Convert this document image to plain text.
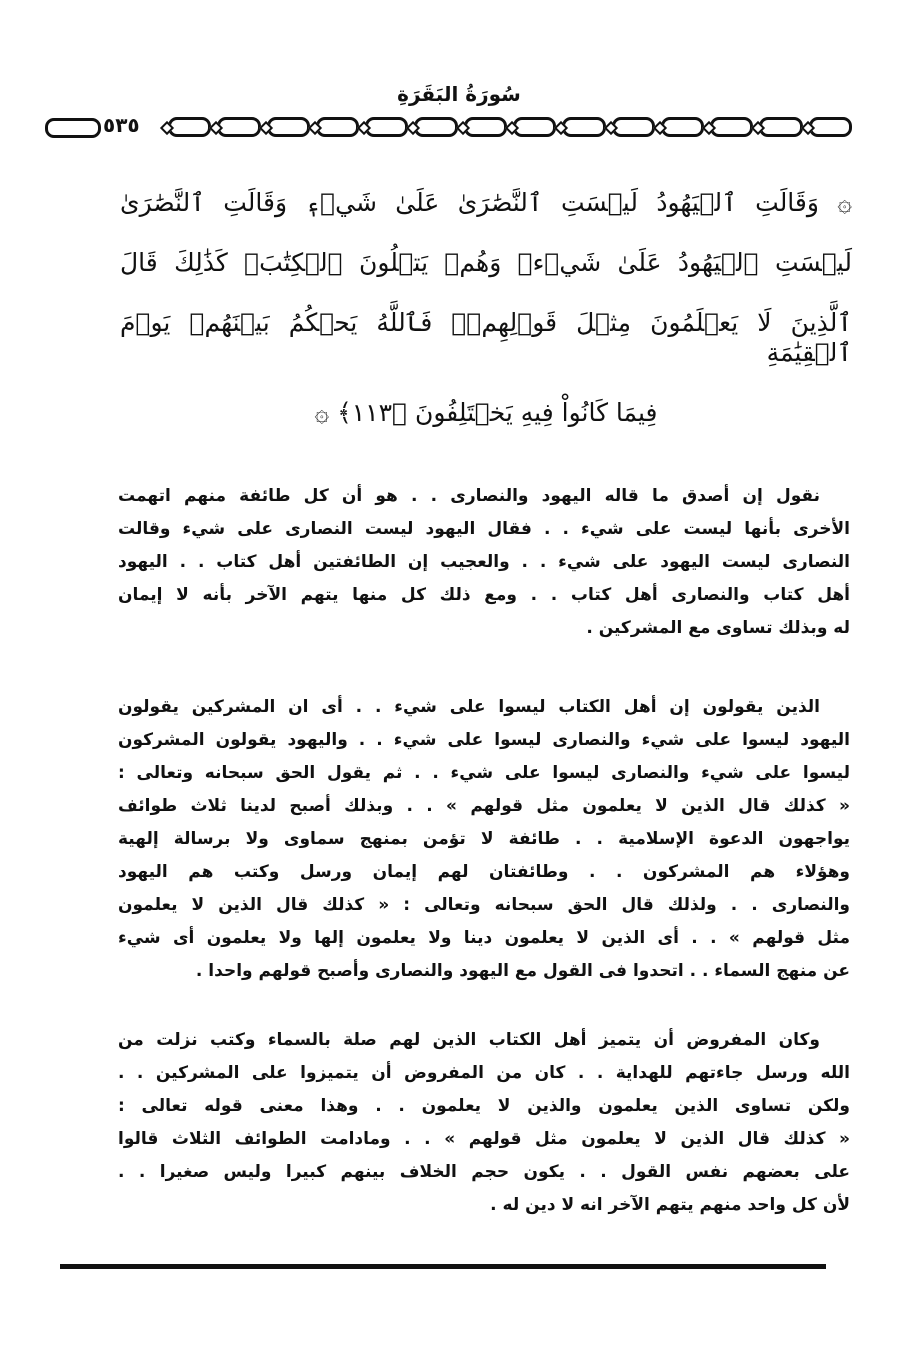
سُورَةُ البَقَرَةِ
٥٣٥
۞ وَقَالَتِ ٱلۡيَهُودُ لَيۡسَتِ ٱلنَّصَٰرَىٰ عَلَىٰ شَيۡءٖ وَقَالَتِ ٱلنَّصَٰرَىٰ
لَيۡسَتِ ٱلۡيَهُودُ عَلَىٰ شَيۡءٖ وَهُمۡ يَتۡلُونَ ٱلۡكِتَٰبَۗ كَذَٰلِكَ قَالَ
ٱلَّذِينَ لَا يَعۡلَمُونَ مِثۡلَ قَوۡلِهِمۡۚ فَٱللَّهُ يَحۡكُمُ بَيۡنَهُمۡ يَوۡمَ ٱلۡقِيَٰمَةِ
فِيمَا كَانُواْ فِيهِ يَخۡتَلِفُونَ ﴿١١٣﴾ ۞
نقول إن أصدق ما قاله اليهود والنصارى . . هو أن كل طائفة منهم اتهمت
الأخرى بأنها ليست على شيء . . فقال اليهود ليست النصارى على شيء وقالت
النصارى ليست اليهود على شيء . . والعجيب إن الطائفتين أهل كتاب . . اليهود
أهل كتاب والنصارى أهل كتاب . . ومع ذلك كل منها يتهم الآخر بأنه لا إيمان
له وبذلك تساوى مع المشركين .
الذين يقولون إن أهل الكتاب ليسوا على شيء . . أى ان المشركين يقولون
اليهود ليسوا على شيء والنصارى ليسوا على شيء . . واليهود يقولون المشركون
ليسوا على شيء والنصارى ليسوا على شيء . . ثم يقول الحق سبحانه وتعالى :
« كذلك قال الذين لا يعلمون مثل قولهم » . . وبذلك أصبح لدينا ثلاث طوائف
يواجهون الدعوة الإسلامية . . طائفة لا تؤمن بمنهج سماوى ولا برسالة إلهية
وهؤلاء هم المشركون . . وطائفتان لهم إيمان ورسل وكتب هم اليهود
والنصارى . . ولذلك قال الحق سبحانه وتعالى : « كذلك قال الذين لا يعلمون
مثل قولهم » . . أى الذين لا يعلمون دينا ولا يعلمون إلها ولا يعلمون أى شيء
عن منهج السماء . . اتحدوا فى القول مع اليهود والنصارى وأصبح قولهم واحدا .
وكان المفروض أن يتميز أهل الكتاب الذين لهم صلة بالسماء وكتب نزلت من
الله ورسل جاءتهم للهداية . . كان من المفروض أن يتميزوا على المشركين . .
ولكن تساوى الذين يعلمون والذين لا يعلمون . . وهذا معنى قوله تعالى :
« كذلك قال الذين لا يعلمون مثل قولهم » . . ومادامت الطوائف الثلاث قالوا
على بعضهم نفس القول . . يكون حجم الخلاف بينهم كبيرا وليس صغيرا . .
لأن كل واحد منهم يتهم الآخر انه لا دين له .
